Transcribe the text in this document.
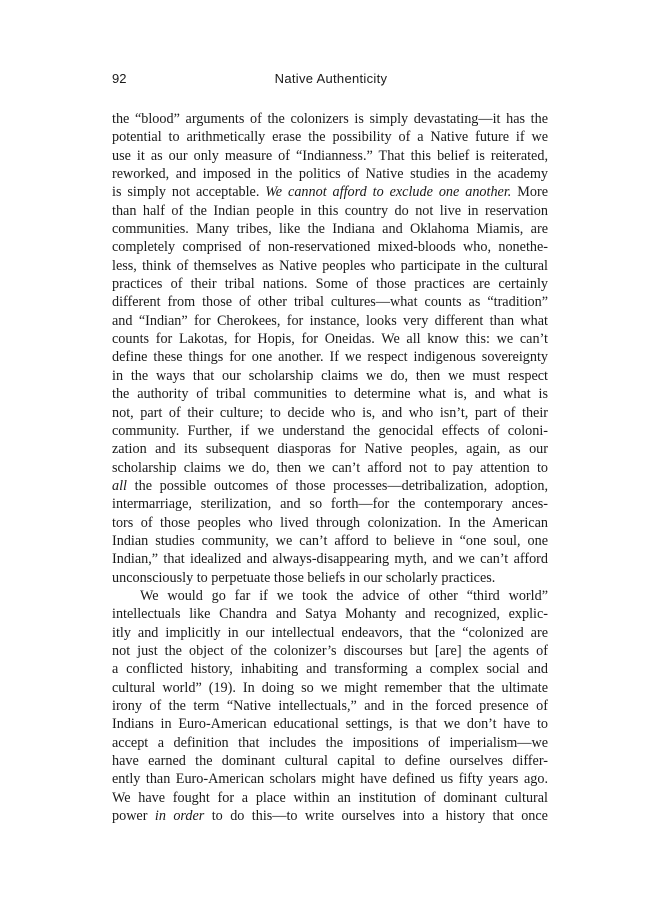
92	Native Authenticity
the “blood” arguments of the colonizers is simply devastating—it has the
potential to arithmetically erase the possibility of a Native future if we
use it as our only measure of “Indianness.” That this belief is reiterated,
reworked, and imposed in the politics of Native studies in the academy
is simply not acceptable. We cannot afford to exclude one another. More
than half of the Indian people in this country do not live in reservation
communities. Many tribes, like the Indiana and Oklahoma Miamis, are
completely comprised of non-reservationed mixed-bloods who, nonethe-
less, think of themselves as Native peoples who participate in the cultural
practices of their tribal nations. Some of those practices are certainly
different from those of other tribal cultures—what counts as “tradition”
and “Indian” for Cherokees, for instance, looks very different than what
counts for Lakotas, for Hopis, for Oneidas. We all know this: we can’t
define these things for one another. If we respect indigenous sovereignty
in the ways that our scholarship claims we do, then we must respect
the authority of tribal communities to determine what is, and what is
not, part of their culture; to decide who is, and who isn’t, part of their
community. Further, if we understand the genocidal effects of coloni-
zation and its subsequent diasporas for Native peoples, again, as our
scholarship claims we do, then we can’t afford not to pay attention to
all the possible outcomes of those processes—detribalization, adoption,
intermarriage, sterilization, and so forth—for the contemporary ances-
tors of those peoples who lived through colonization. In the American
Indian studies community, we can’t afford to believe in “one soul, one
Indian,” that idealized and always-disappearing myth, and we can’t afford
unconsciously to perpetuate those beliefs in our scholarly practices.
We would go far if we took the advice of other “third world”
intellectuals like Chandra and Satya Mohanty and recognized, explic-
itly and implicitly in our intellectual endeavors, that the “colonized are
not just the object of the colonizer’s discourses but [are] the agents of
a conflicted history, inhabiting and transforming a complex social and
cultural world” (19). In doing so we might remember that the ultimate
irony of the term “Native intellectuals,” and in the forced presence of
Indians in Euro-American educational settings, is that we don’t have to
accept a definition that includes the impositions of imperialism—we
have earned the dominant cultural capital to define ourselves differ-
ently than Euro-American scholars might have defined us fifty years ago.
We have fought for a place within an institution of dominant cultural
power in order to do this—to write ourselves into a history that once
